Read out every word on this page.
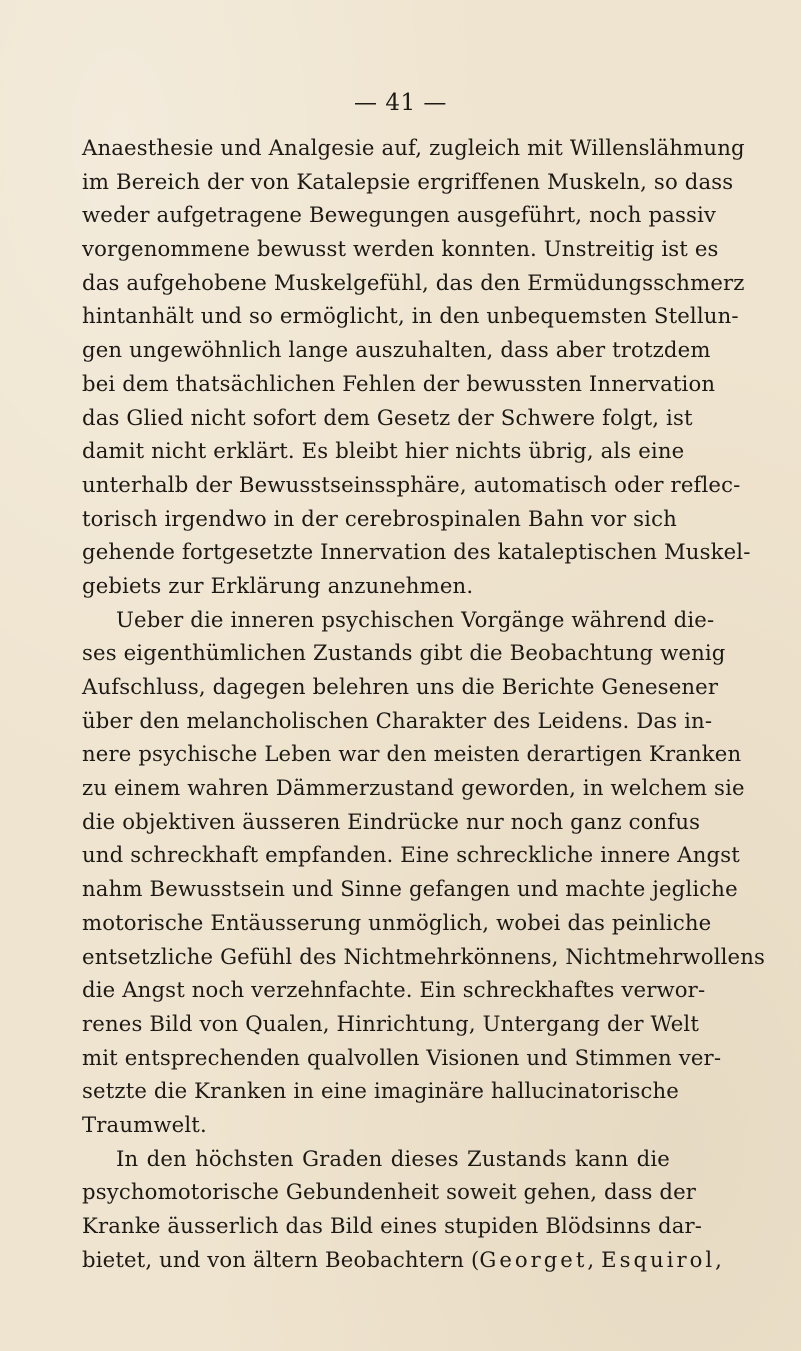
— 41 —
Anaesthesie und Analgesie auf, zugleich mit Willenslähmung
im Bereich der von Katalepsie ergriffenen Muskeln, so dass
weder aufgetragene Bewegungen ausgeführt, noch passiv
vorgenommene bewusst werden konnten. Unstreitig ist es
das aufgehobene Muskelgefühl, das den Ermüdungsschmerz
hintanhält und so ermöglicht, in den unbequemsten Stellun-
gen ungewöhnlich lange auszuhalten, dass aber trotzdem
bei dem thatsächlichen Fehlen der bewussten Innervation
das Glied nicht sofort dem Gesetz der Schwere folgt, ist
damit nicht erklärt. Es bleibt hier nichts übrig, als eine
unterhalb der Bewusstseinssphäre, automatisch oder reflec-
torisch irgendwo in der cerebrospinalen Bahn vor sich
gehende fortgesetzte Innervation des kataleptischen Muskel-
gebiets zur Erklärung anzunehmen.
Ueber die inneren psychischen Vorgänge während die-
ses eigenthümlichen Zustands gibt die Beobachtung wenig
Aufschluss, dagegen belehren uns die Berichte Genesener
über den melancholischen Charakter des Leidens. Das in-
nere psychische Leben war den meisten derartigen Kranken
zu einem wahren Dämmerzustand geworden, in welchem sie
die objektiven äusseren Eindrücke nur noch ganz confus
und schreckhaft empfanden. Eine schreckliche innere Angst
nahm Bewusstsein und Sinne gefangen und machte jegliche
motorische Entäusserung unmöglich, wobei das peinliche
entsetzliche Gefühl des Nichtmehrkönnens, Nichtmehrwollens
die Angst noch verzehnfachte. Ein schreckhaftes verwor-
renes Bild von Qualen, Hinrichtung, Untergang der Welt
mit entsprechenden qualvollen Visionen und Stimmen ver-
setzte die Kranken in eine imaginäre hallucinatorische
Traumwelt.
In den höchsten Graden dieses Zustands kann die
psychomotorische Gebundenheit soweit gehen, dass der
Kranke äusserlich das Bild eines stupiden Blödsinns dar-
bietet, und von ältern Beobachtern (Georget, Esquirol,
